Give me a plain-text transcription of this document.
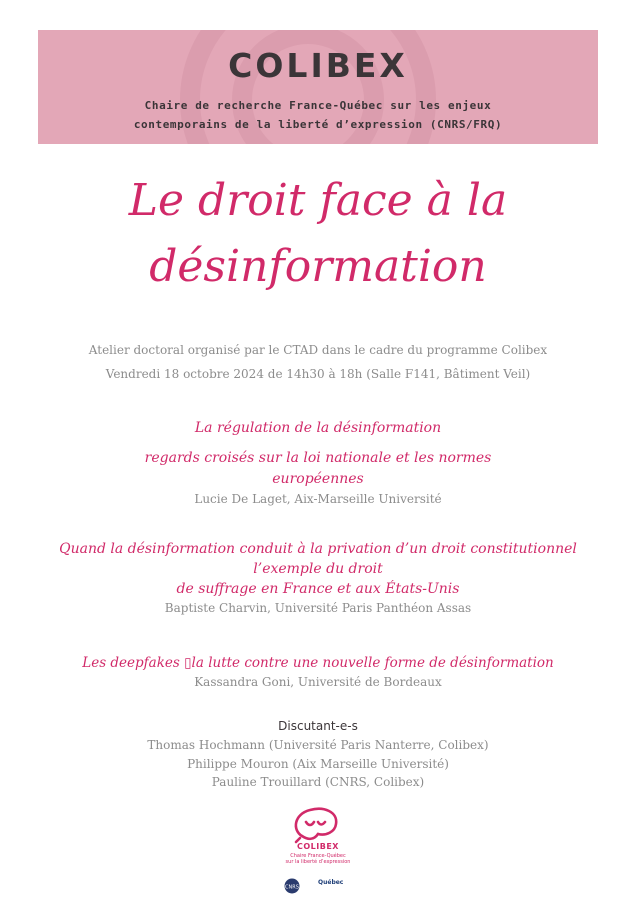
COLIBEX
Chaire de recherche France-Québec sur les enjeux
contemporains de la liberté d’expression (CNRS/FRQ)
Le droit face à la
désinformation
Atelier doctoral organisé par le CTAD dans le cadre du programme Colibex
Vendredi 18 octobre 2024 de 14h30 à 18h (Salle F141, Bâtiment Veil)
La régulation de la désinformation
regards croisés sur la loi nationale et les normes
européennes
Lucie De Laget, Aix-Marseille Université
Quand la désinformation conduit à la privation d’un droit constitutionnel
l’exemple du droit
de suffrage en France et aux États-Unis
Baptiste Charvin, Université Paris Panthéon Assas
Les deepfakes ▯la lutte contre une nouvelle forme de désinformation
Kassandra Goni, Université de Bordeaux
Discutant-e-s
Thomas Hochmann (Université Paris Nanterre, Colibex)
Philippe Mouron (Aix Marseille Université)
Pauline Trouillard (CNRS, Colibex)
COLIBEX
Chaire France-Québec
sur la liberté d’expression
CNRS
Québec
